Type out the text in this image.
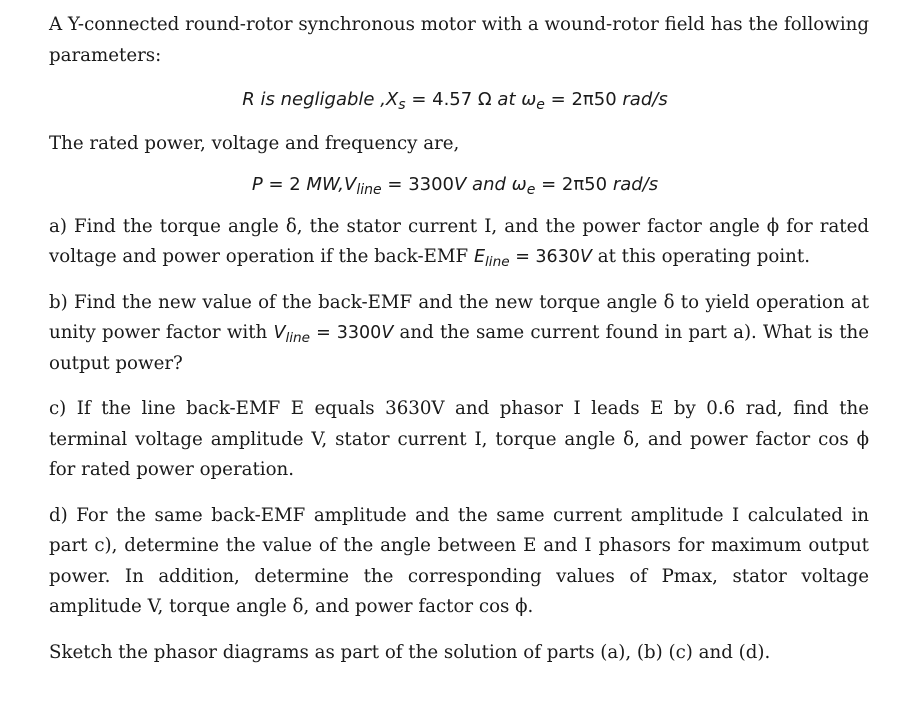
A Y-connected round-rotor synchronous motor with a wound-rotor field has the following parameters:

R is negligable $,X_s = 4.57$ Ω at $\omega_e = 2\pi 50$ rad/s

The rated power, voltage and frequency are,

P = 2 $MW,V_{line} = 3300V$ and $\omega_e = 2\pi 50$ rad/s

a) Find the torque angle δ, the stator current I, and the power factor angle ϕ for rated voltage and power operation if the back-EMF $E_{line} = 3630V$ at this operating point.

b) Find the new value of the back-EMF and the new torque angle δ to yield operation at unity power factor with $V_{line} = 3300V$ and the same current found in part a). What is the output power?

c) If the line back-EMF E equals 3630V and phasor I leads E by 0.6 rad, find the terminal voltage amplitude V, stator current I, torque angle δ, and power factor cos ϕ for rated power operation.

d) For the same back-EMF amplitude and the same current amplitude I calculated in part c), determine the value of the angle between E and I phasors for maximum output power. In addition, determine the corresponding values of Pmax, stator voltage amplitude V, torque angle δ, and power factor cos ϕ.

Sketch the phasor diagrams as part of the solution of parts (a), (b) (c) and (d).
